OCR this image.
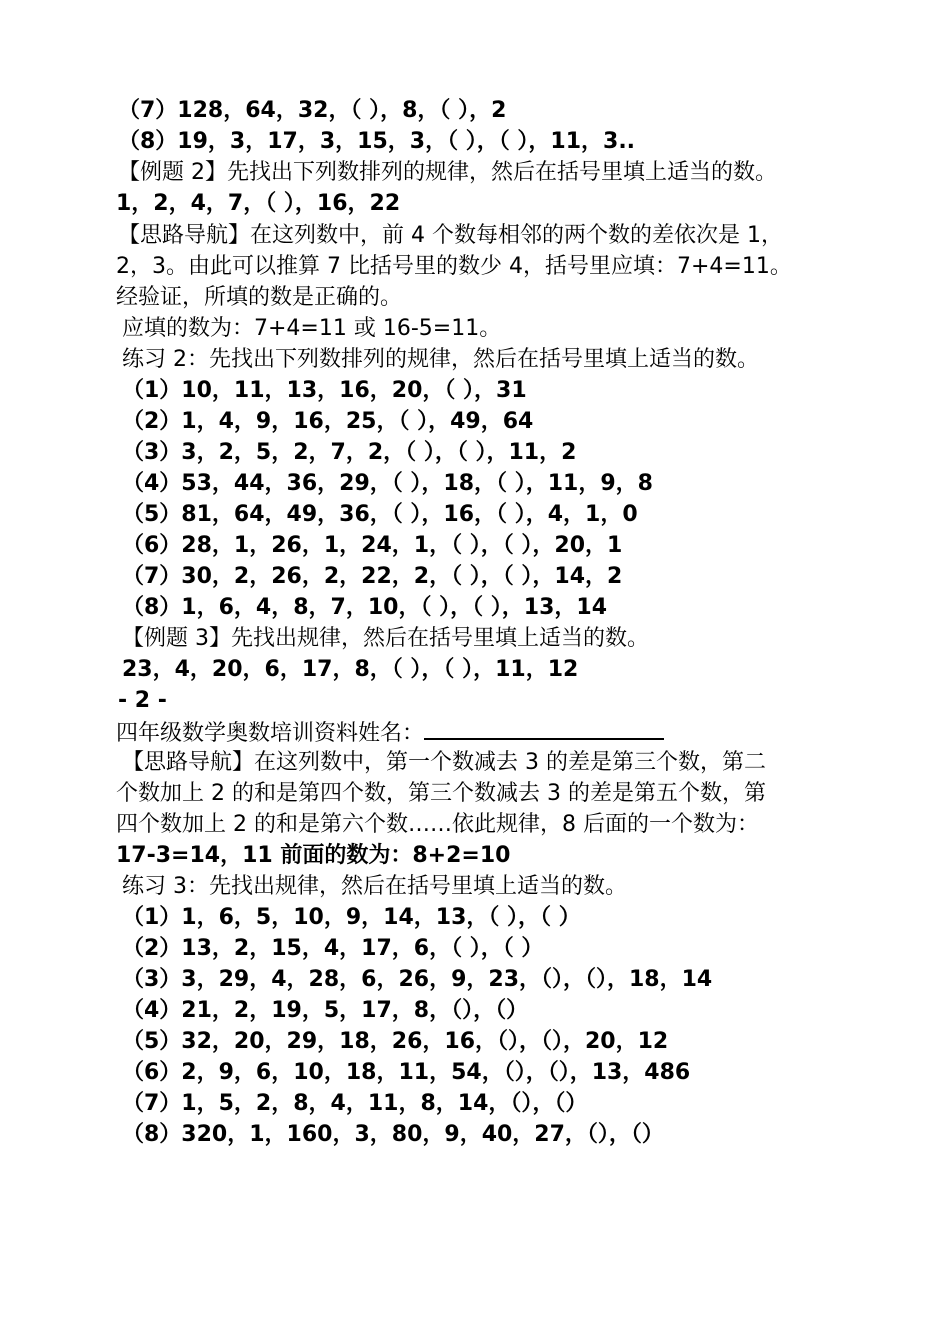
（7）128，64，32，（ ），8，（ ），2
（8）19，3，17，3，15，3，（ ），（ ），11，3..
【例题 2】先找出下列数排列的规律，然后在括号里填上适当的数。
1，2，4，7，（ ），16，22
【思路导航】在这列数中，前 4 个数每相邻的两个数的差依次是 1，
2，3。由此可以推算 7 比括号里的数少 4，括号里应填：7+4=11。
经验证，所填的数是正确的。
应填的数为：7+4=11 或 16-5=11。
练习 2：先找出下列数排列的规律，然后在括号里填上适当的数。
（1）10，11，13，16，20，（ ），31
（2）1，4，9，16，25，（ ），49，64
（3）3，2，5，2，7，2，（ ），（ ），11，2
（4）53，44，36，29，（ ），18，（ ），11，9，8
（5）81，64，49，36，（ ），16，（ ），4，1，0
（6）28，1，26，1，24，1，（ ），（ ），20，1
（7）30，2，26，2，22，2，（ ），（ ），14，2
（8）1，6，4，8，7，10，（ ），（ ），13，14
【例题 3】先找出规律，然后在括号里填上适当的数。
23，4，20，6，17，8，（ ），（ ），11，12
- 2 -
四年级数学奥数培训资料姓名：
【思路导航】在这列数中，第一个数减去 3 的差是第三个数，第二
个数加上 2 的和是第四个数，第三个数减去 3 的差是第五个数，第
四个数加上 2 的和是第六个数……依此规律，8 后面的一个数为：
17-3=14，11 前面的数为：8+2=10
练习 3：先找出规律，然后在括号里填上适当的数。
（1）1，6，5，10，9，14，13，（ ），（ ）
（2）13，2，15，4，17，6，（ ），（ ）
（3）3，29，4，28，6，26，9，23，（），（），18，14
（4）21，2，19，5，17，8，（），（）
（5）32，20，29，18，26，16，（），（），20，12
（6）2，9，6，10，18，11，54，（），（），13，486
（7）1，5，2，8，4，11，8，14，（），（）
（8）320，1，160，3，80，9，40，27，（），（）
